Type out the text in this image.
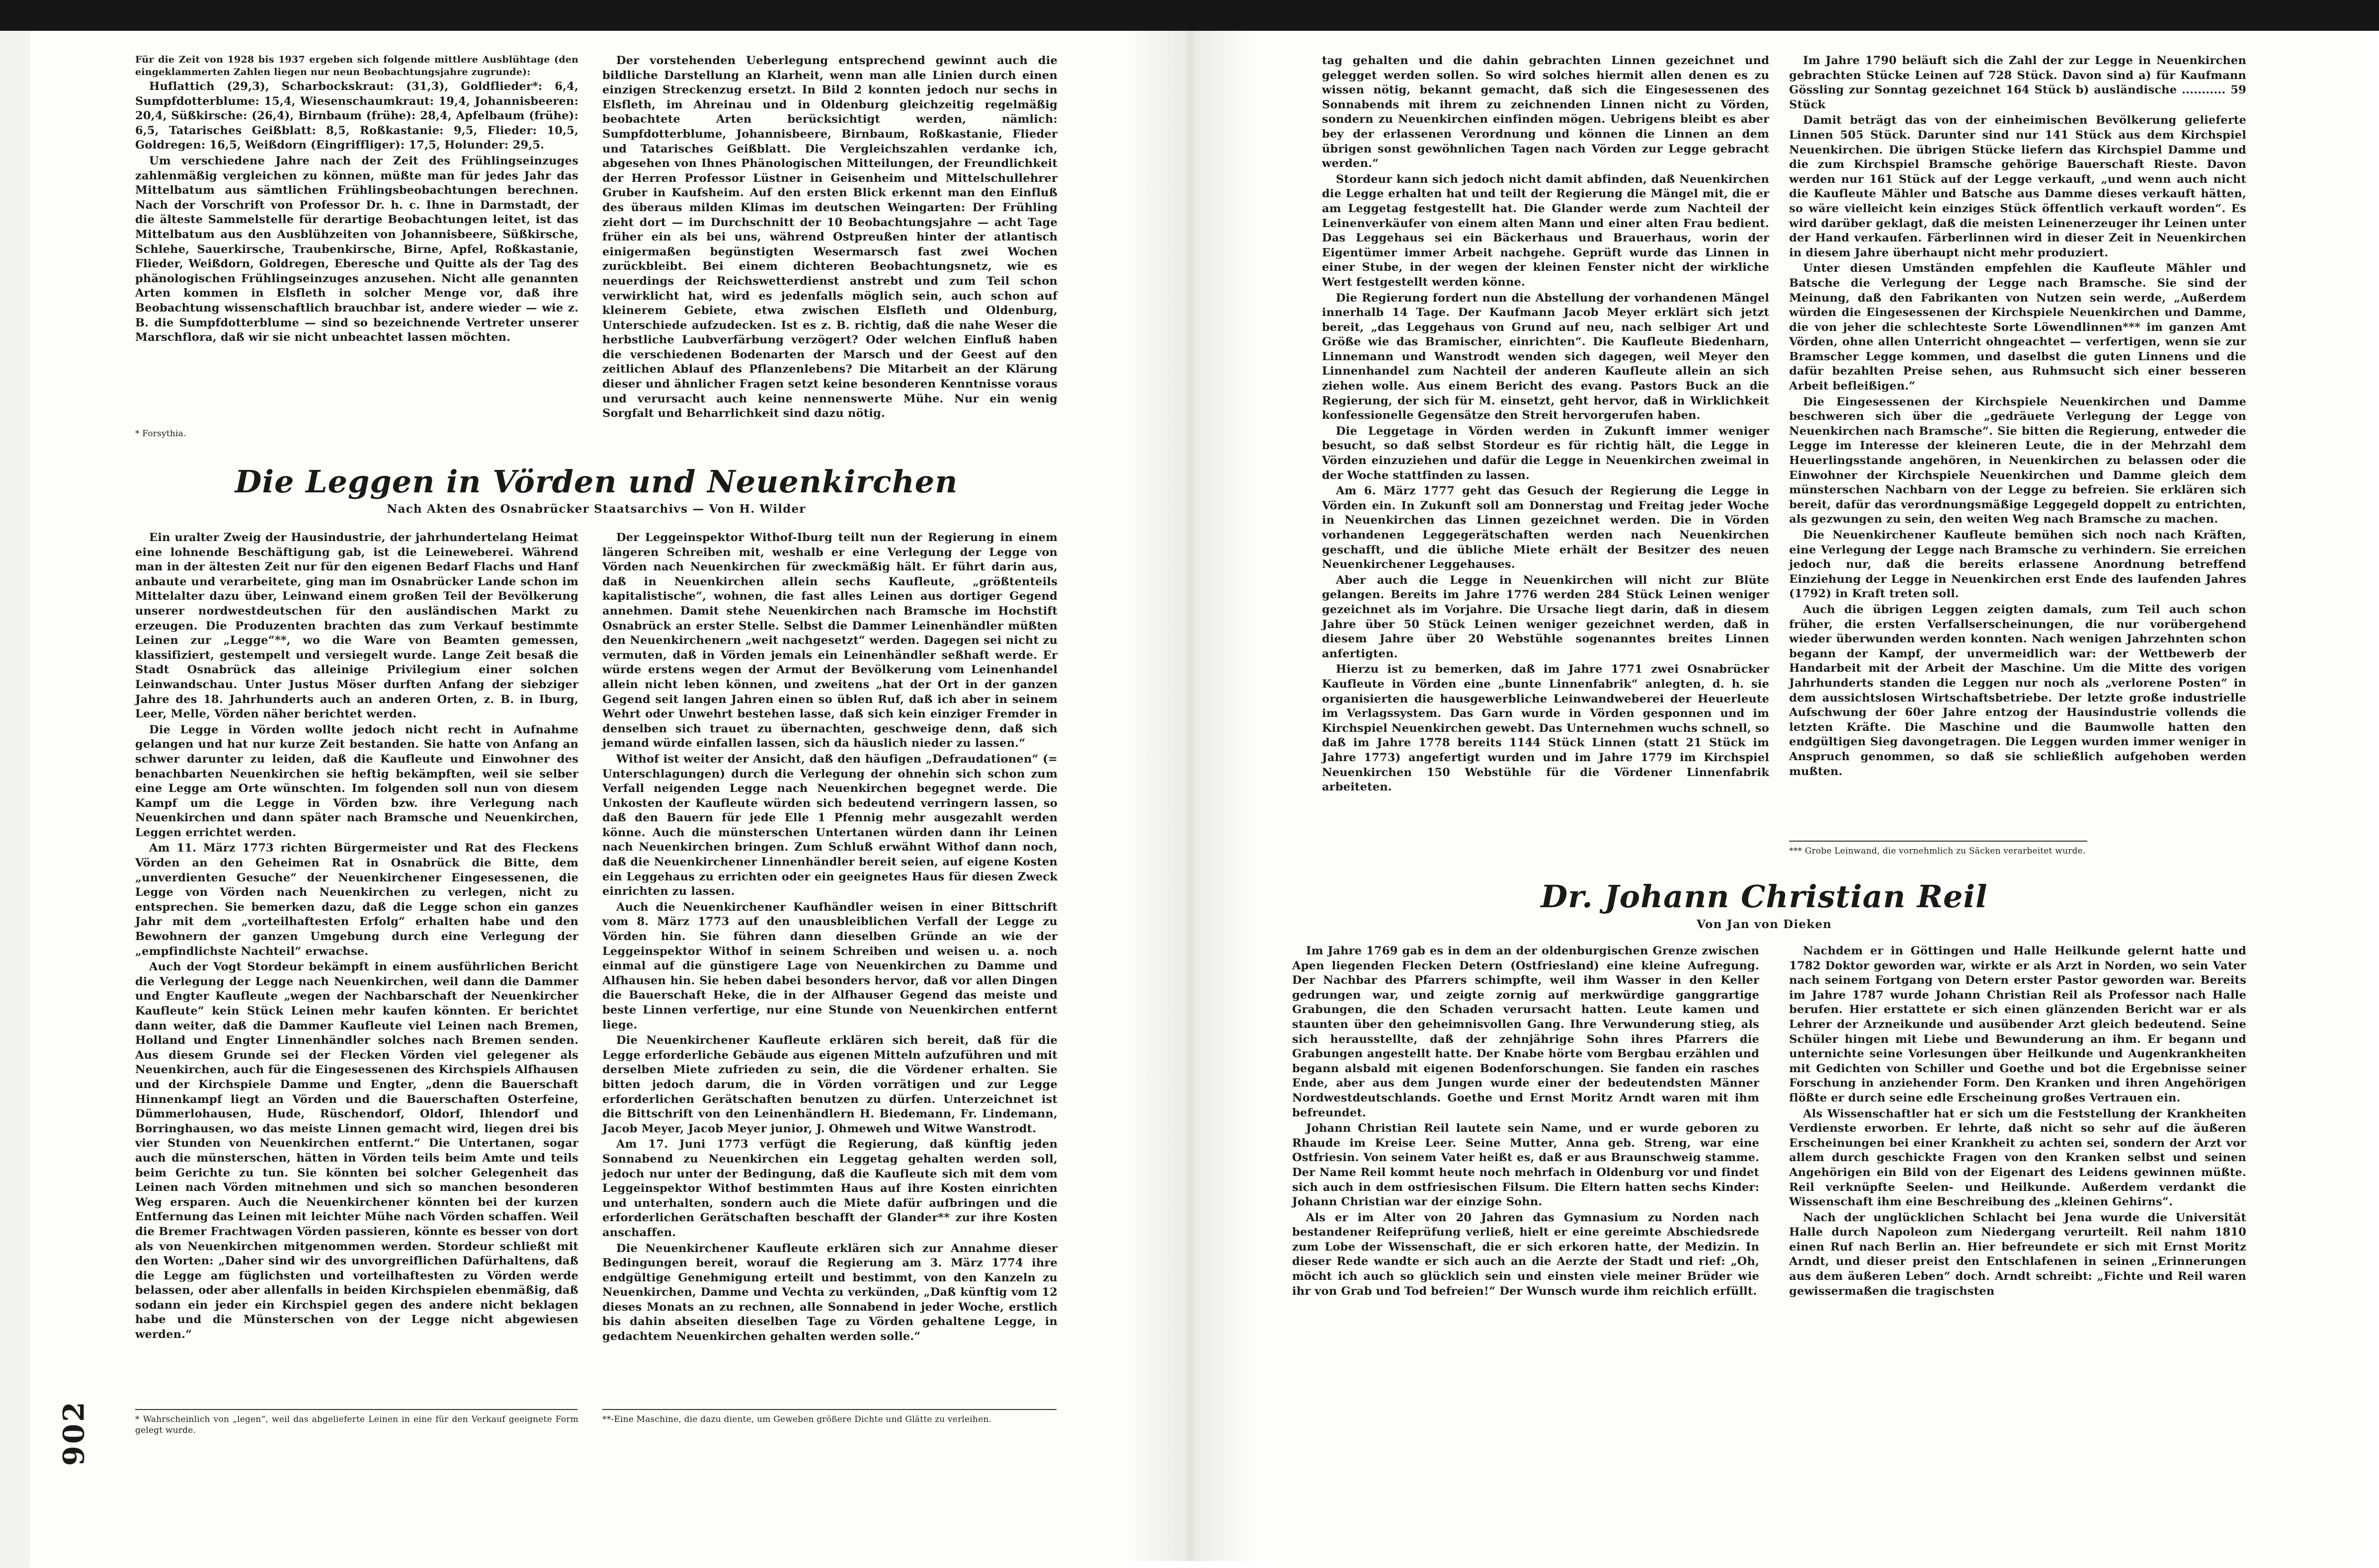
902

Für die Zeit von 1928 bis 1937 ergeben sich folgende mittlere Ausblühtage (den eingeklammerten Zahlen liegen nur neun Beobachtungsjahre zugrunde):

Huflattich (29,3), Scharbockskraut: (31,3), Goldflieder*: 6,4, Sumpfdotterblume: 15,4, Wiesenschaumkraut: 19,4, Johannisbeeren: 20,4, Süßkirsche: (26,4), Birnbaum (frühe): 28,4, Apfelbaum (frühe): 6,5, Tatarisches Geißblatt: 8,5, Roßkastanie: 9,5, Flieder: 10,5, Goldregen: 16,5, Weißdorn (Eingriffliger): 17,5, Holunder: 29,5.

Um verschiedene Jahre nach der Zeit des Frühlingseinzuges zahlenmäßig vergleichen zu können, müßte man für jedes Jahr das Mittelbatum aus sämtlichen Frühlingsbeobachtungen berechnen. Nach der Vorschrift von Professor Dr. h. c. Ihne in Darmstadt, der die älteste Sammelstelle für derartige Beobachtungen leitet, ist das Mittelbatum aus den Ausblühzeiten von Johannisbeere, Süßkirsche, Schlehe, Sauerkirsche, Traubenkirsche, Birne, Apfel, Roßkastanie, Flieder, Weißdorn, Goldregen, Eberesche und Quitte als der Tag des phänologischen Frühlingseinzuges anzusehen. Nicht alle genannten Arten kommen in Elsfleth in solcher Menge vor, daß ihre Beobachtung wissenschaftlich brauchbar ist, andere wieder — wie z. B. die Sumpfdotterblume — sind so bezeichnende Vertreter unserer Marschflora, daß wir sie nicht unbeachtet lassen möchten.

Der vorstehenden Ueberlegung entsprechend gewinnt auch die bildliche Darstellung an Klarheit, wenn man alle Linien durch einen einzigen Streckenzug ersetzt. In Bild 2 konnten jedoch nur sechs in Elsfleth, im Ahreinau und in Oldenburg gleichzeitig regelmäßig beobachtete Arten berücksichtigt werden, nämlich: Sumpfdotterblume, Johannisbeere, Birnbaum, Roßkastanie, Flieder und Tatarisches Geißblatt. Die Vergleichszahlen verdanke ich, abgesehen von Ihnes Phänologischen Mitteilungen, der Freundlichkeit der Herren Professor Lüstner in Geisenheim und Mittelschullehrer Gruber in Kaufsheim. Auf den ersten Blick erkennt man den Einfluß des überaus milden Klimas im deutschen Weingarten: Der Frühling zieht dort — im Durchschnitt der 10 Beobachtungsjahre — acht Tage früher ein als bei uns, während Ostpreußen hinter der atlantisch einigermaßen begünstigten Wesermarsch fast zwei Wochen zurückbleibt. Bei einem dichteren Beobachtungsnetz, wie es neuerdings der Reichswetterdienst anstrebt und zum Teil schon verwirklicht hat, wird es jedenfalls möglich sein, auch schon auf kleinerem Gebiete, etwa zwischen Elsfleth und Oldenburg, Unterschiede aufzudecken. Ist es z. B. richtig, daß die nahe Weser die herbstliche Laubverfärbung verzögert? Oder welchen Einfluß haben die verschiedenen Bodenarten der Marsch und der Geest auf den zeitlichen Ablauf des Pflanzenlebens? Die Mitarbeit an der Klärung dieser und ähnlicher Fragen setzt keine besonderen Kenntnisse voraus und verursacht auch keine nennenswerte Mühe. Nur ein wenig Sorgfalt und Beharrlichkeit sind dazu nötig.

* Forsythia.

Die Leggen in Vörden und Neuenkirchen
Nach Akten des Osnabrücker Staatsarchivs — Von H. Wilder

Ein uralter Zweig der Hausindustrie, der jahrhundertelang Heimat eine lohnende Beschäftigung gab, ist die Leineweberei. Während man in der ältesten Zeit nur für den eigenen Bedarf Flachs und Hanf anbaute und verarbeitete, ging man im Osnabrücker Lande schon im Mittelalter dazu über, Leinwand einem großen Teil der Bevölkerung unserer nordwestdeutschen für den ausländischen Markt zu erzeugen. Die Produzenten brachten das zum Verkauf bestimmte Leinen zur „Legge“**, wo die Ware von Beamten gemessen, klassifiziert, gestempelt und versiegelt wurde. Lange Zeit besaß die Stadt Osnabrück das alleinige Privilegium einer solchen Leinwandschau. Unter Justus Möser durften Anfang der siebziger Jahre des 18. Jahrhunderts auch an anderen Orten, z. B. in Iburg, Leer, Melle, Vörden näher berichtet werden.

Die Legge in Vörden wollte jedoch nicht recht in Aufnahme gelangen und hat nur kurze Zeit bestanden. Sie hatte von Anfang an schwer darunter zu leiden, daß die Kaufleute und Einwohner des benachbarten Neuenkirchen sie heftig bekämpften, weil sie selber eine Legge am Orte wünschten. Im folgenden soll nun von diesem Kampf um die Legge in Vörden bzw. ihre Verlegung nach Neuenkirchen und dann später nach Bramsche und Neuenkirchen, Leggen errichtet werden.

Am 11. März 1773 richten Bürgermeister und Rat des Fleckens Vörden an den Geheimen Rat in Osnabrück die Bitte, dem „unverdienten Gesuche“ der Neuenkirchener Eingesessenen, die Legge von Vörden nach Neuenkirchen zu verlegen, nicht zu entsprechen. Sie bemerken dazu, daß die Legge schon ein ganzes Jahr mit dem „vorteilhaftesten Erfolg“ erhalten habe und den Bewohnern der ganzen Umgebung durch eine Verlegung der „empfindlichste Nachteil“ erwachse.

Auch der Vogt Stordeur bekämpft in einem ausführlichen Bericht die Verlegung der Legge nach Neuenkirchen, weil dann die Dammer und Engter Kaufleute „wegen der Nachbarschaft der Neuenkircher Kaufleute“ kein Stück Leinen mehr kaufen könnten. Er berichtet dann weiter, daß die Dammer Kaufleute viel Leinen nach Bremen, Holland und Engter Linnenhändler solches nach Bremen senden. Aus diesem Grunde sei der Flecken Vörden viel gelegener als Neuenkirchen, auch für die Eingesessenen des Kirchspiels Alfhausen und der Kirchspiele Damme und Engter, „denn die Bauerschaft Hinnenkampf liegt an Vörden und die Bauerschaften Osterfeine, Dümmerlohausen, Hude, Rüschendorf, Oldorf, Ihlendorf und Borringhausen, wo das meiste Linnen gemacht wird, liegen drei bis vier Stunden von Neuenkirchen entfernt.“ Die Untertanen, sogar auch die münsterschen, hätten in Vörden teils beim Amte und teils beim Gerichte zu tun. Sie könnten bei solcher Gelegenheit das Leinen nach Vörden mitnehmen und sich so manchen besonderen Weg ersparen. Auch die Neuenkirchener könnten bei der kurzen Entfernung das Leinen mit leichter Mühe nach Vörden schaffen. Weil die Bremer Frachtwagen Vörden passieren, könnte es besser von dort als von Neuenkirchen mitgenommen werden. Stordeur schließt mit den Worten: „Daher sind wir des unvorgreiflichen Dafürhaltens, daß die Legge am füglichsten und vorteilhaftesten zu Vörden werde belassen, oder aber allenfalls in beiden Kirchspielen ebenmäßig, daß sodann ein jeder ein Kirchspiel gegen des andere nicht beklagen habe und die Münsterschen von der Legge nicht abgewiesen werden.“

* Wahrscheinlich von „legen“, weil das abgelieferte Leinen in eine für den Verkauf geeignete Form gelegt wurde.

Der Leggeinspektor Withof-Iburg teilt nun der Regierung in einem längeren Schreiben mit, weshalb er eine Verlegung der Legge von Vörden nach Neuenkirchen für zweckmäßig hält. Er führt darin aus, daß in Neuenkirchen allein sechs Kaufleute, „größtenteils kapitalistische“, wohnen, die fast alles Leinen aus dortiger Gegend annehmen. Damit stehe Neuenkirchen nach Bramsche im Hochstift Osnabrück an erster Stelle. Selbst die Dammer Leinenhändler müßten den Neuenkirchenern „weit nachgesetzt“ werden. Dagegen sei nicht zu vermuten, daß in Vörden jemals ein Leinenhändler seßhaft werde. Er würde erstens wegen der Armut der Bevölkerung vom Leinenhandel allein nicht leben können, und zweitens „hat der Ort in der ganzen Gegend seit langen Jahren einen so üblen Ruf, daß ich aber in seinem Wehrt oder Unwehrt bestehen lasse, daß sich kein einziger Fremder in denselben sich trauet zu übernachten, geschweige denn, daß sich jemand würde einfallen lassen, sich da häuslich nieder zu lassen.“

Withof ist weiter der Ansicht, daß den häufigen „Defraudationen“ (= Unterschlagungen) durch die Verlegung der ohnehin sich schon zum Verfall neigenden Legge nach Neuenkirchen begegnet werde. Die Unkosten der Kaufleute würden sich bedeutend verringern lassen, so daß den Bauern für jede Elle 1 Pfennig mehr ausgezahlt werden könne. Auch die münsterschen Untertanen würden dann ihr Leinen nach Neuenkirchen bringen. Zum Schluß erwähnt Withof dann noch, daß die Neuenkirchener Linnenhändler bereit seien, auf eigene Kosten ein Leggehaus zu errichten oder ein geeignetes Haus für diesen Zweck einrichten zu lassen.

Auch die Neuenkirchener Kaufhändler weisen in einer Bittschrift vom 8. März 1773 auf den unausbleiblichen Verfall der Legge zu Vörden hin. Sie führen dann dieselben Gründe an wie der Leggeinspektor Withof in seinem Schreiben und weisen u. a. noch einmal auf die günstigere Lage von Neuenkirchen zu Damme und Alfhausen hin. Sie heben dabei besonders hervor, daß vor allen Dingen die Bauerschaft Heke, die in der Alfhauser Gegend das meiste und beste Linnen verfertige, nur eine Stunde von Neuenkirchen entfernt liege.

Die Neuenkirchener Kaufleute erklären sich bereit, daß für die Legge erforderliche Gebäude aus eigenen Mitteln aufzuführen und mit derselben Miete zufrieden zu sein, die die Vördener erhalten. Sie bitten jedoch darum, die in Vörden vorrätigen und zur Legge erforderlichen Gerätschaften benutzen zu dürfen. Unterzeichnet ist die Bittschrift von den Leinenhändlern H. Biedemann, Fr. Lindemann, Jacob Meyer, Jacob Meyer junior, J. Ohmeweh und Witwe Wanstrodt.

Am 17. Juni 1773 verfügt die Regierung, daß künftig jeden Sonnabend zu Neuenkirchen ein Leggetag gehalten werden soll, jedoch nur unter der Bedingung, daß die Kaufleute sich mit dem vom Leggeinspektor Withof bestimmten Haus auf ihre Kosten einrichten und unterhalten, sondern auch die Miete dafür aufbringen und die erforderlichen Gerätschaften beschafft der Glander** zur ihre Kosten anschaffen.

Die Neuenkirchener Kaufleute erklären sich zur Annahme dieser Bedingungen bereit, worauf die Regierung am 3. März 1774 ihre endgültige Genehmigung erteilt und bestimmt, von den Kanzeln zu Neuenkirchen, Damme und Vechta zu verkünden, „Daß künftig vom 12 dieses Monats an zu rechnen, alle Sonnabend in jeder Woche, erstlich bis dahin abseiten dieselben Tage zu Vörden gehaltene Legge, in gedachtem Neuenkirchen gehalten werden solle.“

**-Eine Maschine, die dazu diente, um Geweben größere Dichte und Glätte zu verleihen.

tag gehalten und die dahin gebrachten Linnen gezeichnet und gelegget werden sollen. So wird solches hiermit allen denen es zu wissen nötig, bekannt gemacht, daß sich die Eingesessenen des Sonnabends mit ihrem zu zeichnenden Linnen nicht zu Vörden, sondern zu Neuenkirchen einfinden mögen. Uebrigens bleibt es aber bey der erlassenen Verordnung und können die Linnen an dem übrigen sonst gewöhnlichen Tagen nach Vörden zur Legge gebracht werden.“

Stordeur kann sich jedoch nicht damit abfinden, daß Neuenkirchen die Legge erhalten hat und teilt der Regierung die Mängel mit, die er am Leggetag festgestellt hat. Die Glander werde zum Nachteil der Leinenverkäufer von einem alten Mann und einer alten Frau bedient. Das Leggehaus sei ein Bäckerhaus und Brauerhaus, worin der Eigentümer immer Arbeit nachgehe. Geprüft wurde das Linnen in einer Stube, in der wegen der kleinen Fenster nicht der wirkliche Wert festgestellt werden könne.

Die Regierung fordert nun die Abstellung der vorhandenen Mängel innerhalb 14 Tage. Der Kaufmann Jacob Meyer erklärt sich jetzt bereit, „das Leggehaus von Grund auf neu, nach selbiger Art und Größe wie das Bramischer, einrichten“. Die Kaufleute Biedenharn, Linnemann und Wanstrodt wenden sich dagegen, weil Meyer den Linnenhandel zum Nachteil der anderen Kaufleute allein an sich ziehen wolle. Aus einem Bericht des evang. Pastors Buck an die Regierung, der sich für M. einsetzt, geht hervor, daß in Wirklichkeit konfessionelle Gegensätze den Streit hervorgerufen haben.

Die Leggetage in Vörden werden in Zukunft immer weniger besucht, so daß selbst Stordeur es für richtig hält, die Legge in Vörden einzuziehen und dafür die Legge in Neuenkirchen zweimal in der Woche stattfinden zu lassen.

Am 6. März 1777 geht das Gesuch der Regierung die Legge in Vörden ein. In Zukunft soll am Donnerstag und Freitag jeder Woche in Neuenkirchen das Linnen gezeichnet werden. Die in Vörden vorhandenen Leggegerätschaften werden nach Neuenkirchen geschafft, und die übliche Miete erhält der Besitzer des neuen Neuenkirchener Leggehauses.

Aber auch die Legge in Neuenkirchen will nicht zur Blüte gelangen. Bereits im Jahre 1776 werden 284 Stück Leinen weniger gezeichnet als im Vorjahre. Die Ursache liegt darin, daß in diesem Jahre über 50 Stück Leinen weniger gezeichnet werden, daß in diesem Jahre über 20 Webstühle sogenanntes breites Linnen anfertigten.

Hierzu ist zu bemerken, daß im Jahre 1771 zwei Osnabrücker Kaufleute in Vörden eine „bunte Linnenfabrik“ anlegten, d. h. sie organisierten die hausgewerbliche Leinwandweberei der Heuerleute im Verlagssystem. Das Garn wurde in Vörden gesponnen und im Kirchspiel Neuenkirchen gewebt. Das Unternehmen wuchs schnell, so daß im Jahre 1778 bereits 1144 Stück Linnen (statt 21 Stück im Jahre 1773) angefertigt wurden und im Jahre 1779 im Kirchspiel Neuenkirchen 150 Webstühle für die Vördener Linnenfabrik arbeiteten.

Im Jahre 1790 beläuft sich die Zahl der zur Legge in Neuenkirchen gebrachten Stücke Leinen auf 728 Stück. Davon sind a) für Kaufmann Gössling zur Sonntag gezeichnet 164 Stück b) ausländische ........... 59 Stück

Damit beträgt das von der einheimischen Bevölkerung gelieferte Linnen 505 Stück. Darunter sind nur 141 Stück aus dem Kirchspiel Neuenkirchen. Die übrigen Stücke liefern das Kirchspiel Damme und die zum Kirchspiel Bramsche gehörige Bauerschaft Rieste. Davon werden nur 161 Stück auf der Legge verkauft, „und wenn auch nicht die Kaufleute Mähler und Batsche aus Damme dieses verkauft hätten, so wäre vielleicht kein einziges Stück öffentlich verkauft worden“. Es wird darüber geklagt, daß die meisten Leinenerzeuger ihr Leinen unter der Hand verkaufen. Färberlinnen wird in dieser Zeit in Neuenkirchen in diesem Jahre überhaupt nicht mehr produziert.

Unter diesen Umständen empfehlen die Kaufleute Mähler und Batsche die Verlegung der Legge nach Bramsche. Sie sind der Meinung, daß den Fabrikanten von Nutzen sein werde, „Außerdem würden die Eingesessenen der Kirchspiele Neuenkirchen und Damme, die von jeher die schlechteste Sorte Löwendlinnen*** im ganzen Amt Vörden, ohne allen Unterricht ohngeachtet — verfertigen, wenn sie zur Bramscher Legge kommen, und daselbst die guten Linnens und die dafür bezahlten Preise sehen, aus Ruhmsucht sich einer besseren Arbeit befleißigen.“

Die Eingesessenen der Kirchspiele Neuenkirchen und Damme beschweren sich über die „gedräuete Verlegung der Legge von Neuenkirchen nach Bramsche“. Sie bitten die Regierung, entweder die Legge im Interesse der kleineren Leute, die in der Mehrzahl dem Heuerlingsstande angehören, in Neuenkirchen zu belassen oder die Einwohner der Kirchspiele Neuenkirchen und Damme gleich dem münsterschen Nachbarn von der Legge zu befreien. Sie erklären sich bereit, dafür das verordnungsmäßige Leggegeld doppelt zu entrichten, als gezwungen zu sein, den weiten Weg nach Bramsche zu machen.

Die Neuenkirchener Kaufleute bemühen sich noch nach Kräften, eine Verlegung der Legge nach Bramsche zu verhindern. Sie erreichen jedoch nur, daß die bereits erlassene Anordnung betreffend Einziehung der Legge in Neuenkirchen erst Ende des laufenden Jahres (1792) in Kraft treten soll.

Auch die übrigen Leggen zeigten damals, zum Teil auch schon früher, die ersten Verfallserscheinungen, die nur vorübergehend wieder überwunden werden konnten. Nach wenigen Jahrzehnten schon begann der Kampf, der unvermeidlich war: der Wettbewerb der Handarbeit mit der Arbeit der Maschine. Um die Mitte des vorigen Jahrhunderts standen die Leggen nur noch als „verlorene Posten“ in dem aussichtslosen Wirtschaftsbetriebe. Der letzte große industrielle Aufschwung der 60er Jahre entzog der Hausindustrie vollends die letzten Kräfte. Die Maschine und die Baumwolle hatten den endgültigen Sieg davongetragen. Die Leggen wurden immer weniger in Anspruch genommen, so daß sie schließlich aufgehoben werden mußten.

*** Grobe Leinwand, die vornehmlich zu Säcken verarbeitet wurde.

Dr. Johann Christian Reil
Von Jan von Dieken

Im Jahre 1769 gab es in dem an der oldenburgischen Grenze zwischen Apen liegenden Flecken Detern (Ostfriesland) eine kleine Aufregung. Der Nachbar des Pfarrers schimpfte, weil ihm Wasser in den Keller gedrungen war, und zeigte zornig auf merkwürdige ganggrartige Grabungen, die den Schaden verursacht hatten. Leute kamen und staunten über den geheimnisvollen Gang. Ihre Verwunderung stieg, als sich herausstellte, daß der zehnjährige Sohn ihres Pfarrers die Grabungen angestellt hatte. Der Knabe hörte vom Bergbau erzählen und begann alsbald mit eigenen Bodenforschungen. Sie fanden ein rasches Ende, aber aus dem Jungen wurde einer der bedeutendsten Männer Nordwestdeutschlands. Goethe und Ernst Moritz Arndt waren mit ihm befreundet.

Johann Christian Reil lautete sein Name, und er wurde geboren zu Rhaude im Kreise Leer. Seine Mutter, Anna geb. Streng, war eine Ostfriesin. Von seinem Vater heißt es, daß er aus Braunschweig stamme. Der Name Reil kommt heute noch mehrfach in Oldenburg vor und findet sich auch in dem ostfriesischen Filsum. Die Eltern hatten sechs Kinder: Johann Christian war der einzige Sohn.

Als er im Alter von 20 Jahren das Gymnasium zu Norden nach bestandener Reifeprüfung verließ, hielt er eine gereimte Abschiedsrede zum Lobe der Wissenschaft, die er sich erkoren hatte, der Medizin. In dieser Rede wandte er sich auch an die Aerzte der Stadt und rief: „Oh, möcht ich auch so glücklich sein und einsten viele meiner Brüder wie ihr von Grab und Tod befreien!“ Der Wunsch wurde ihm reichlich erfüllt.

Nachdem er in Göttingen und Halle Heilkunde gelernt hatte und 1782 Doktor geworden war, wirkte er als Arzt in Norden, wo sein Vater nach seinem Fortgang von Detern erster Pastor geworden war. Bereits im Jahre 1787 wurde Johann Christian Reil als Professor nach Halle berufen. Hier erstattete er sich einen glänzenden Bericht war er als Lehrer der Arzneikunde und ausübender Arzt gleich bedeutend. Seine Schüler hingen mit Liebe und Bewunderung an ihm. Er begann und unternichte seine Vorlesungen über Heilkunde und Augenkrankheiten mit Gedichten von Schiller und Goethe und bot die Ergebnisse seiner Forschung in anziehender Form. Den Kranken und ihren Angehörigen flößte er durch seine edle Erscheinung großes Vertrauen ein.

Als Wissenschaftler hat er sich um die Feststellung der Krankheiten Verdienste erworben. Er lehrte, daß nicht so sehr auf die äußeren Erscheinungen bei einer Krankheit zu achten sei, sondern der Arzt vor allem durch geschickte Fragen von den Kranken selbst und seinen Angehörigen ein Bild von der Eigenart des Leidens gewinnen müßte. Reil verknüpfte Seelen- und Heilkunde. Außerdem verdankt die Wissenschaft ihm eine Beschreibung des „kleinen Gehirns“.

Nach der unglücklichen Schlacht bei Jena wurde die Universität Halle durch Napoleon zum Niedergang verurteilt. Reil nahm 1810 einen Ruf nach Berlin an. Hier befreundete er sich mit Ernst Moritz Arndt, und dieser preist den Entschlafenen in seinen „Erinnerungen aus dem äußeren Leben“ doch. Arndt schreibt: „Fichte und Reil waren gewissermaßen die tragischsten
